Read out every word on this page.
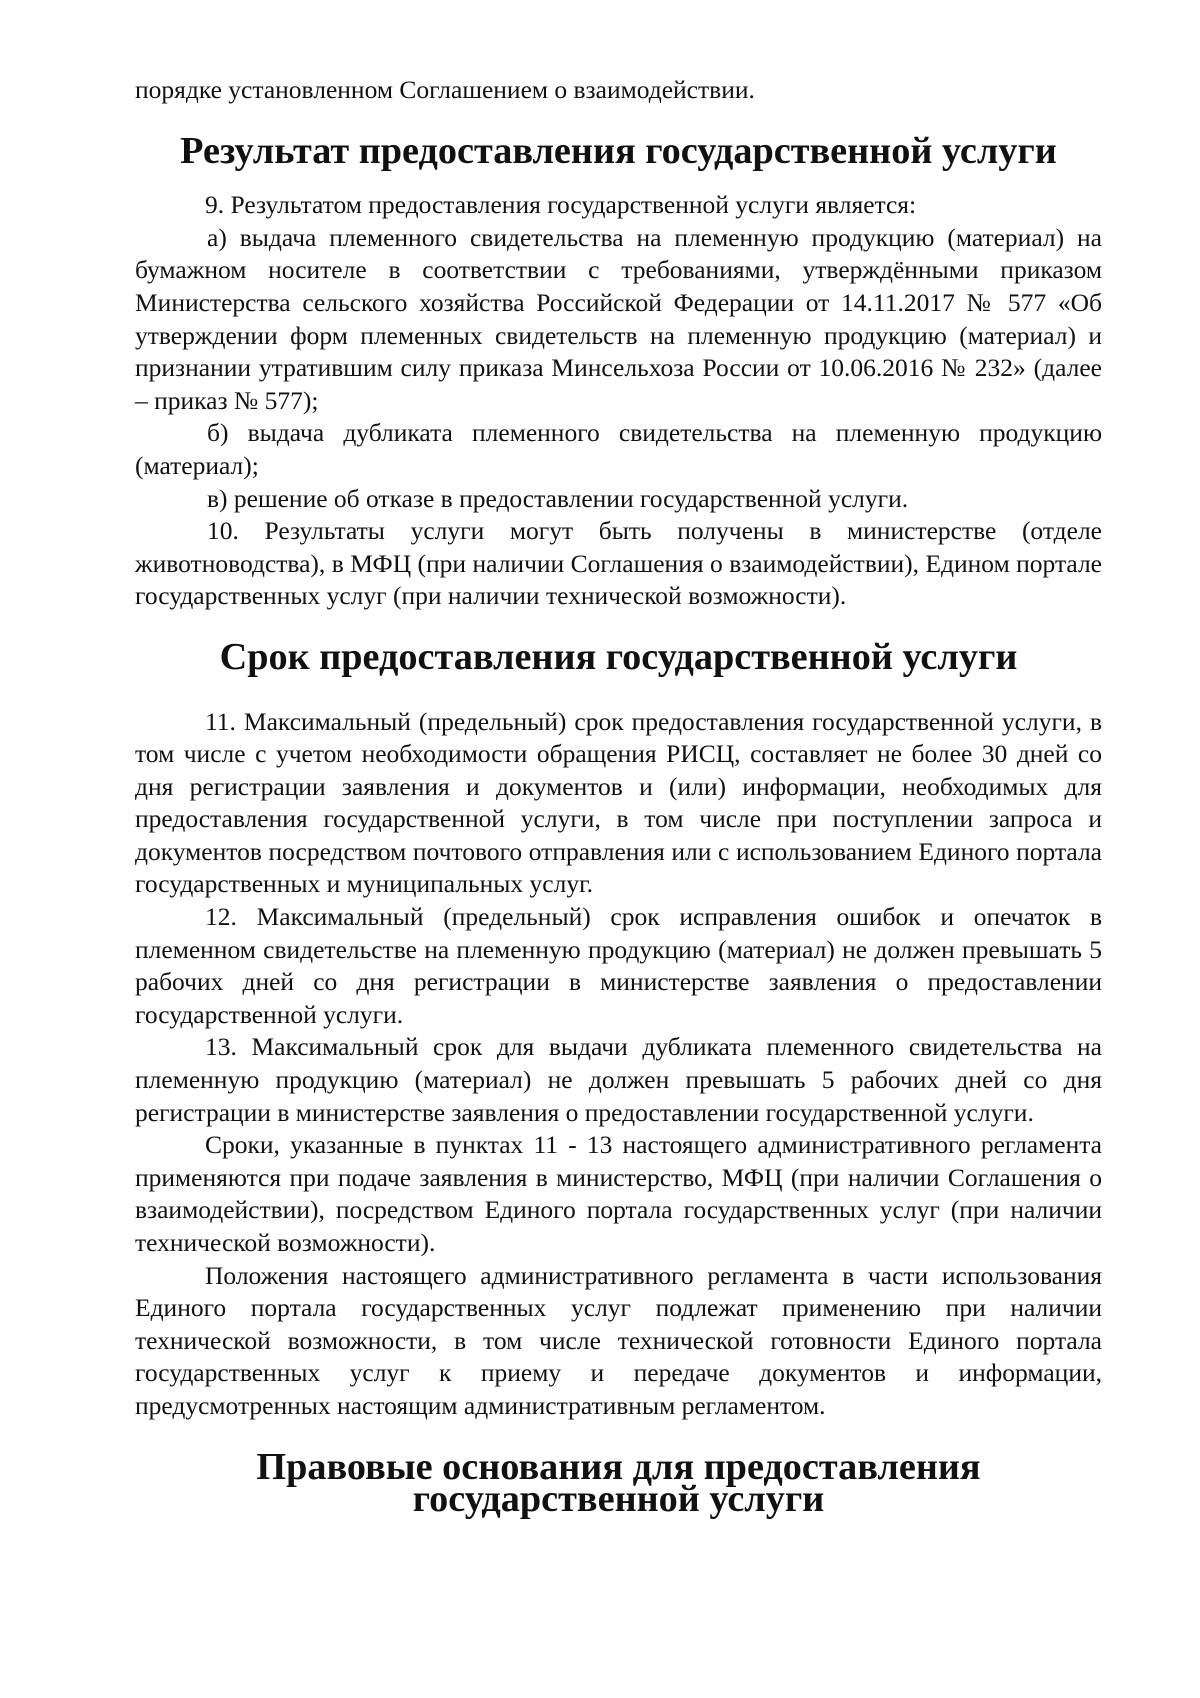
порядке установленном Соглашением о взаимодействии.

Результат предоставления государственной услуги

9. Результатом предоставления государственной услуги является:

а) выдача племенного свидетельства на племенную продукцию (материал) на бумажном носителе в соответствии с требованиями, утверждёнными приказом Министерства сельского хозяйства Российской Федерации от 14.11.2017 № 577 «Об утверждении форм племенных свидетельств на племенную продукцию (материал) и признании утратившим силу приказа Минсельхоза России от 10.06.2016 № 232» (далее – приказ № 577);

б) выдача дубликата племенного свидетельства на племенную продукцию (материал);

в) решение об отказе в предоставлении государственной услуги.

10. Результаты услуги могут быть получены в министерстве (отделе животноводства), в МФЦ (при наличии Соглашения о взаимодействии), Едином портале государственных услуг (при наличии технической возможности).

Срок предоставления государственной услуги

11. Максимальный (предельный) срок предоставления государственной услуги, в том числе с учетом необходимости обращения РИСЦ, составляет не более 30 дней со дня регистрации заявления и документов и (или) информации, необходимых для предоставления государственной услуги, в том числе при поступлении запроса и документов посредством почтового отправления или с использованием Единого портала государственных и муниципальных услуг.

12. Максимальный (предельный) срок исправления ошибок и опечаток в племенном свидетельстве на племенную продукцию (материал) не должен превышать 5 рабочих дней со дня регистрации в министерстве заявления о предоставлении государственной услуги.

13. Максимальный срок для выдачи дубликата племенного свидетельства на племенную продукцию (материал) не должен превышать 5 рабочих дней со дня регистрации в министерстве заявления о предоставлении государственной услуги.

Сроки, указанные в пунктах 11 - 13 настоящего административного регламента применяются при подаче заявления в министерство, МФЦ (при наличии Соглашения о взаимодействии), посредством Единого портала государственных услуг (при наличии технической возможности).

Положения настоящего административного регламента в части использования Единого портала государственных услуг подлежат применению при наличии технической возможности, в том числе технической готовности Единого портала государственных услуг к приему и передаче документов и информации, предусмотренных настоящим административным регламентом.

Правовые основания для предоставления государственной услуги
